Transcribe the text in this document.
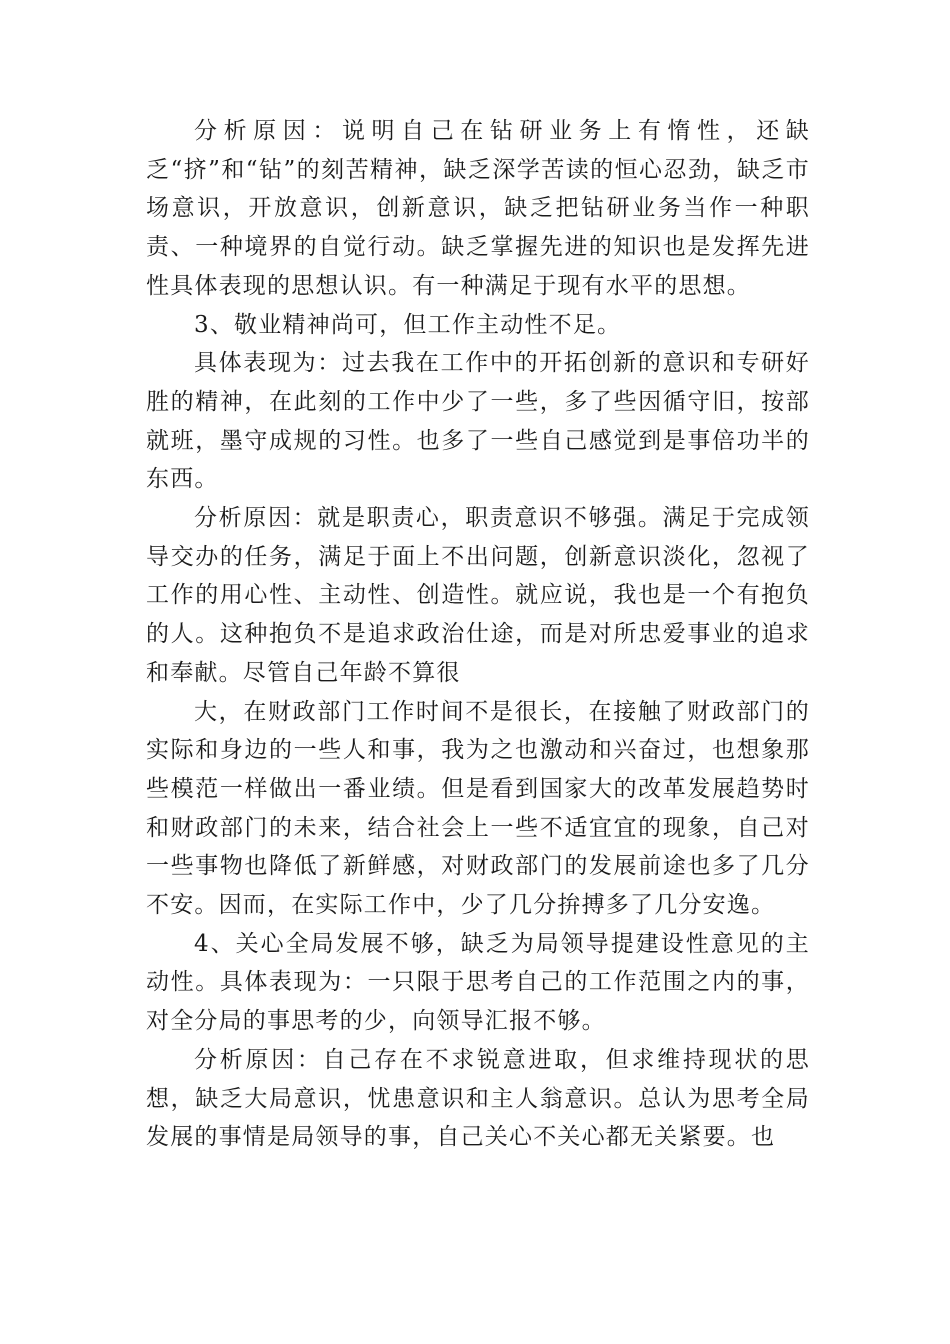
分析原因：说明自己在钻研业务上有惰性，还缺乏“挤”和“钻”的刻苦精神，缺乏深学苦读的恒心忍劲，缺乏市场意识，开放意识，创新意识，缺乏把钻研业务当作一种职责、一种境界的自觉行动。缺乏掌握先进的知识也是发挥先进性具体表现的思想认识。有一种满足于现有水平的思想。

3、敬业精神尚可，但工作主动性不足。

具体表现为：过去我在工作中的开拓创新的意识和专研好胜的精神，在此刻的工作中少了一些，多了些因循守旧，按部就班，墨守成规的习性。也多了一些自己感觉到是事倍功半的东西。

分析原因：就是职责心，职责意识不够强。满足于完成领导交办的任务，满足于面上不出问题，创新意识淡化，忽视了工作的用心性、主动性、创造性。就应说，我也是一个有抱负的人。这种抱负不是追求政治仕途，而是对所忠爱事业的追求和奉献。尽管自己年龄不算很

大，在财政部门工作时间不是很长，在接触了财政部门的实际和身边的一些人和事，我为之也激动和兴奋过，也想象那些模范一样做出一番业绩。但是看到国家大的改革发展趋势时和财政部门的未来，结合社会上一些不适宜宜的现象，自己对一些事物也降低了新鲜感，对财政部门的发展前途也多了几分不安。因而，在实际工作中，少了几分拚搏多了几分安逸。

4、关心全局发展不够，缺乏为局领导提建设性意见的主动性。具体表现为：一只限于思考自己的工作范围之内的事，对全分局的事思考的少，向领导汇报不够。

分析原因：自己存在不求锐意进取，但求维持现状的思想，缺乏大局意识，忧患意识和主人翁意识。总认为思考全局发展的事情是局领导的事，自己关心不关心都无关紧要。也
